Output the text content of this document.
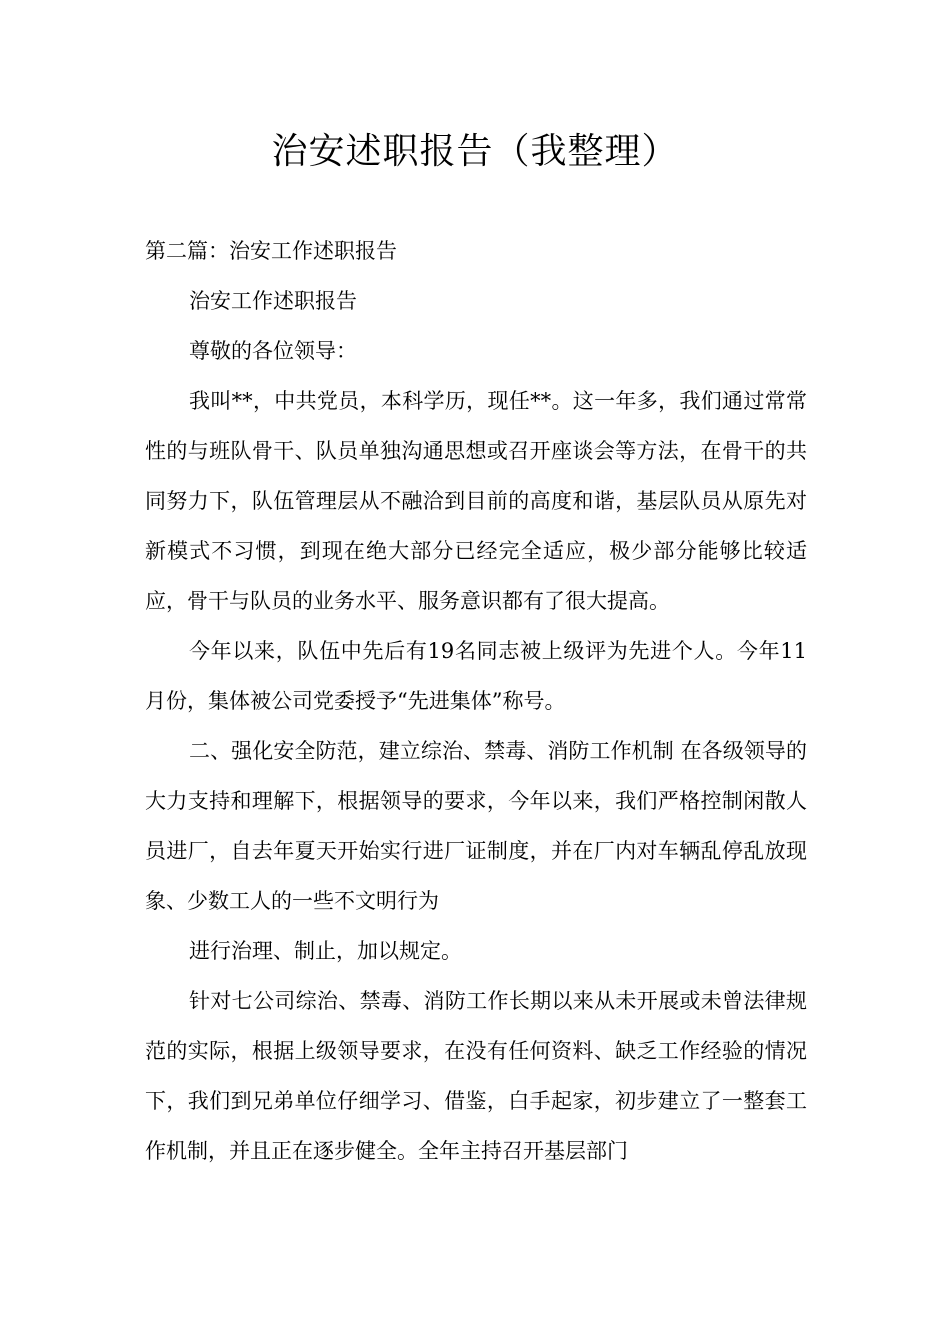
治安述职报告（我整理）

第二篇：治安工作述职报告

治安工作述职报告

尊敬的各位领导：

我叫**，中共党员，本科学历，现任**。这一年多，我们通过常常性的与班队骨干、队员单独沟通思想或召开座谈会等方法，在骨干的共同努力下，队伍管理层从不融洽到目前的高度和谐，基层队员从原先对新模式不习惯，到现在绝大部分已经完全适应，极少部分能够比较适应，骨干与队员的业务水平、服务意识都有了很大提高。

今年以来，队伍中先后有19名同志被上级评为先进个人。今年11月份，集体被公司党委授予“先进集体”称号。

二、强化安全防范，建立综治、禁毒、消防工作机制 在各级领导的大力支持和理解下，根据领导的要求，今年以来，我们严格控制闲散人员进厂，自去年夏天开始实行进厂证制度，并在厂内对车辆乱停乱放现象、少数工人的一些不文明行为

进行治理、制止，加以规定。

针对七公司综治、禁毒、消防工作长期以来从未开展或未曾法律规范的实际，根据上级领导要求，在没有任何资料、缺乏工作经验的情况下，我们到兄弟单位仔细学习、借鉴，白手起家，初步建立了一整套工作机制，并且正在逐步健全。全年主持召开基层部门
